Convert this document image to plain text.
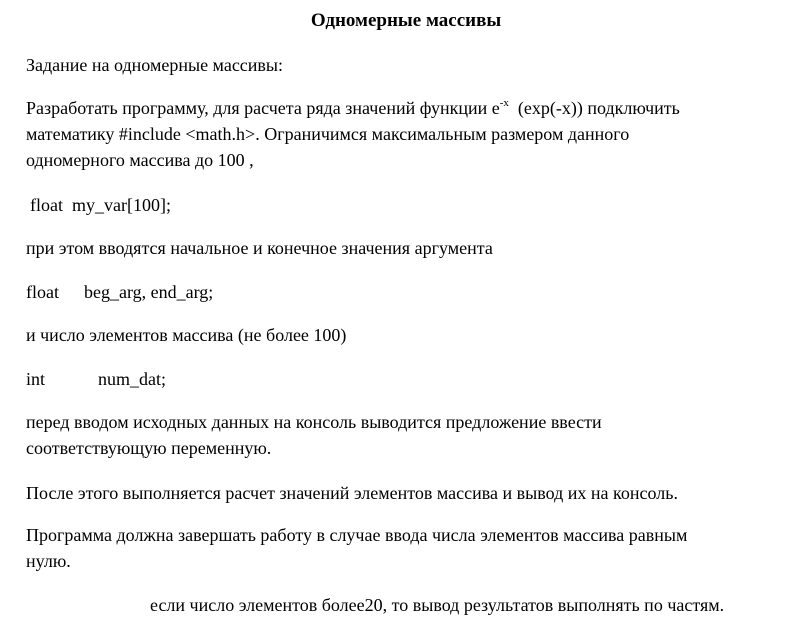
Одномерные массивы
Задание на одномерные массивы:
Разработать программу, для расчета ряда значений функции $e^{-x}$  (exp(-x)) подключить
математику #include <math.h>. Ограничимся максимальным размером данного
одномерного массива до 100 ,
float my_var[100];
при этом вводятся начальное и конечное значения аргумента
float beg_arg, end_arg;
и число элементов массива (не более 100)
int	num_dat;
перед вводом исходных данных на консоль выводится предложение ввести
соответствующую переменную.
После этого выполняется расчет значений элементов массива и вывод их на консоль.
Программа должна завершать работу в случае ввода числа элементов массива равным
нулю.
если число элементов более20, то вывод результатов выполнять по частям.
